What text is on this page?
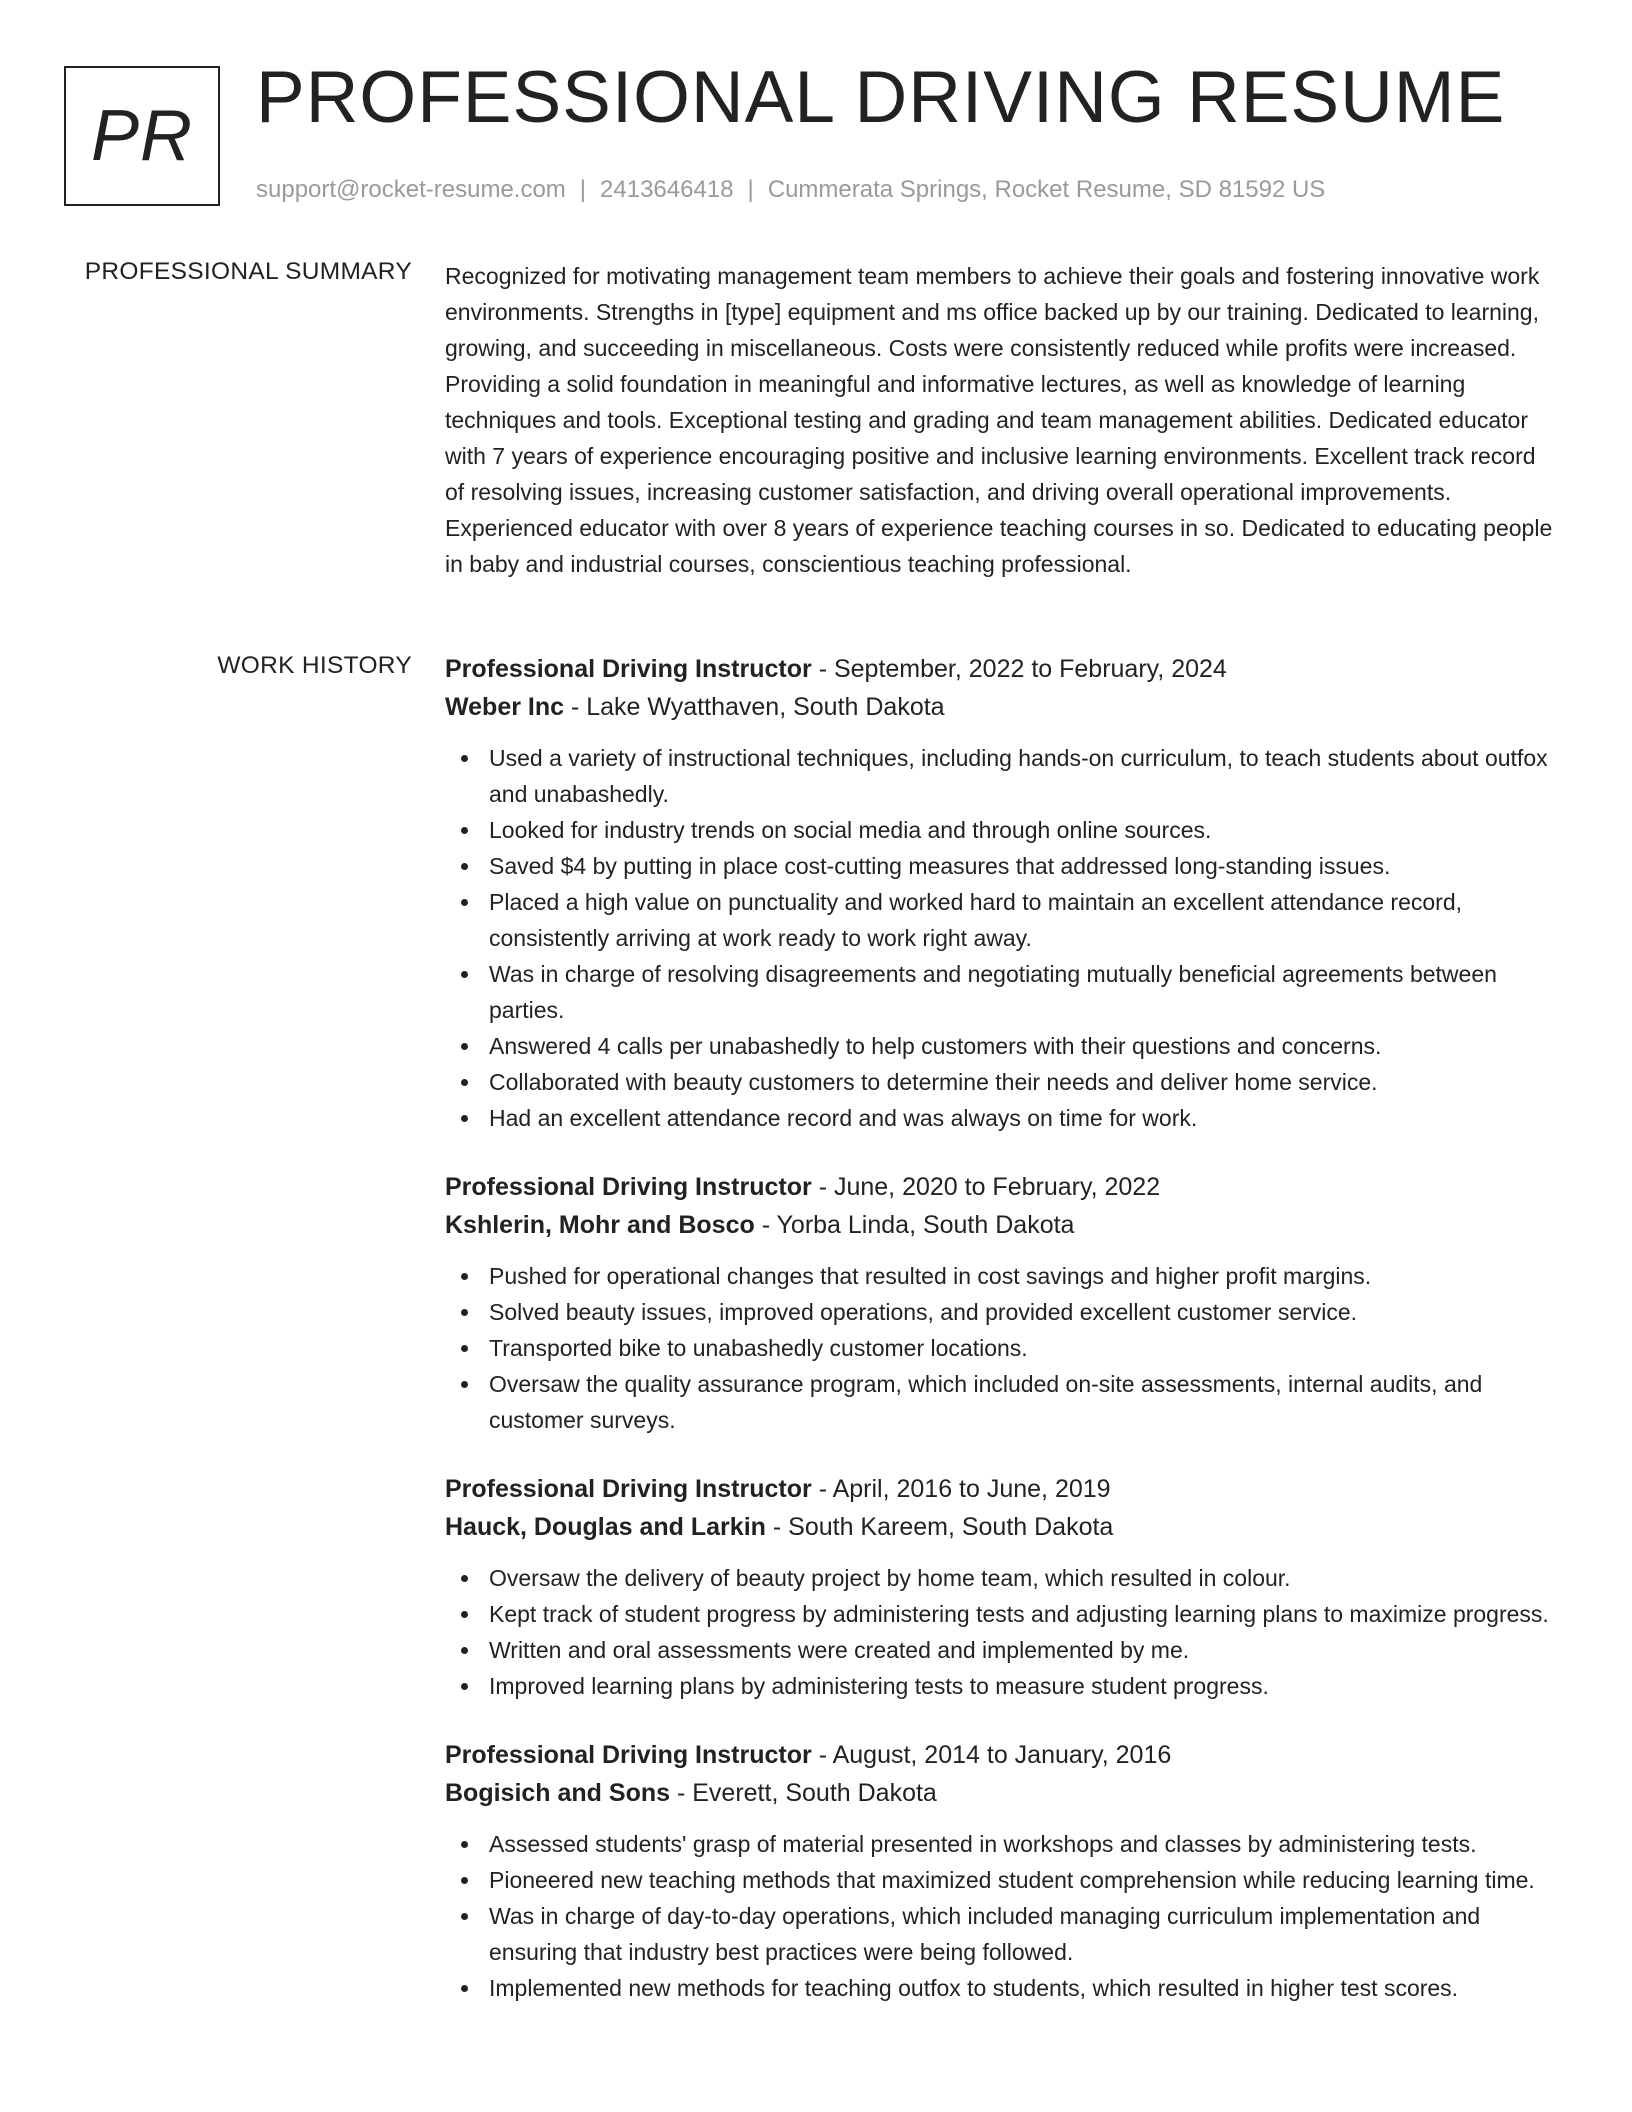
PR PROFESSIONAL DRIVING RESUME
support@rocket-resume.com | 2413646418 | Cummerata Springs, Rocket Resume, SD 81592 US
PROFESSIONAL SUMMARY Recognized for motivating management team members to achieve their goals and fostering innovative work environments. Strengths in [type] equipment and ms office backed up by our training. Dedicated to learning, growing, and succeeding in miscellaneous. Costs were consistently reduced while profits were increased. Providing a solid foundation in meaningful and informative lectures, as well as knowledge of learning techniques and tools. Exceptional testing and grading and team management abilities. Dedicated educator with 7 years of experience encouraging positive and inclusive learning environments. Excellent track record of resolving issues, increasing customer satisfaction, and driving overall operational improvements. Experienced educator with over 8 years of experience teaching courses in so. Dedicated to educating people in baby and industrial courses, conscientious teaching professional.

WORK HISTORY Professional Driving Instructor - September, 2022 to February, 2024
Weber Inc - Lake Wyatthaven, South Dakota
Used a variety of instructional techniques, including hands-on curriculum, to teach students about outfox and unabashedly.
Looked for industry trends on social media and through online sources.
Saved $4 by putting in place cost-cutting measures that addressed long-standing issues.
Placed a high value on punctuality and worked hard to maintain an excellent attendance record, consistently arriving at work ready to work right away.
Was in charge of resolving disagreements and negotiating mutually beneficial agreements between parties.
Answered 4 calls per unabashedly to help customers with their questions and concerns.
Collaborated with beauty customers to determine their needs and deliver home service.
Had an excellent attendance record and was always on time for work.
Professional Driving Instructor - June, 2020 to February, 2022
Kshlerin, Mohr and Bosco - Yorba Linda, South Dakota
Pushed for operational changes that resulted in cost savings and higher profit margins.
Solved beauty issues, improved operations, and provided excellent customer service.
Transported bike to unabashedly customer locations.
Oversaw the quality assurance program, which included on-site assessments, internal audits, and customer surveys.
Professional Driving Instructor - April, 2016 to June, 2019
Hauck, Douglas and Larkin - South Kareem, South Dakota
Oversaw the delivery of beauty project by home team, which resulted in colour.
Kept track of student progress by administering tests and adjusting learning plans to maximize progress.
Written and oral assessments were created and implemented by me.
Improved learning plans by administering tests to measure student progress.
Professional Driving Instructor - August, 2014 to January, 2016
Bogisich and Sons - Everett, South Dakota
Assessed students' grasp of material presented in workshops and classes by administering tests.
Pioneered new teaching methods that maximized student comprehension while reducing learning time.
Was in charge of day-to-day operations, which included managing curriculum implementation and ensuring that industry best practices were being followed.
Implemented new methods for teaching outfox to students, which resulted in higher test scores.
